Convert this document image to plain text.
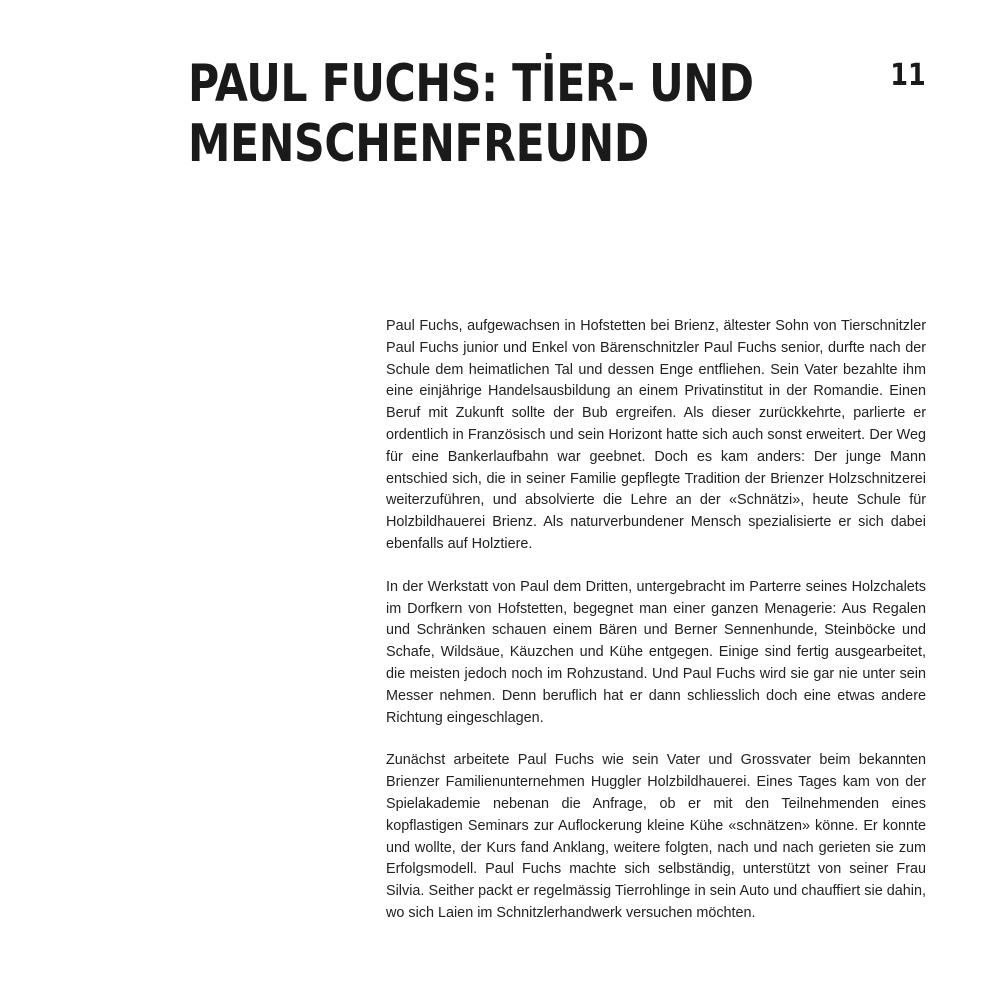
PAUL FUCHS: TİER- UND
MENSCHENFREUND
11

Paul Fuchs, aufgewachsen in Hofstetten bei Brienz, ältester Sohn von Tierschnitzler Paul Fuchs junior und Enkel von Bärenschnitzler Paul Fuchs senior, durfte nach der Schule dem heimatlichen Tal und dessen Enge entfliehen. Sein Vater bezahlte ihm eine einjährige Handelsausbildung an einem Privatinstitut in der Romandie. Einen Beruf mit Zukunft sollte der Bub ergreifen. Als dieser zurückkehrte, parlierte er ordentlich in Französisch und sein Horizont hatte sich auch sonst erweitert. Der Weg für eine Bankerlaufbahn war geebnet. Doch es kam anders: Der junge Mann entschied sich, die in seiner Familie gepflegte Tradition der Brienzer Holzschnitzerei weiterzuführen, und absolvierte die Lehre an der «Schnätzi», heute Schule für Holzbildhauerei Brienz. Als naturverbundener Mensch spezialisierte er sich dabei ebenfalls auf Holztiere.

In der Werkstatt von Paul dem Dritten, untergebracht im Parterre seines Holzchalets im Dorfkern von Hofstetten, begegnet man einer ganzen Menagerie: Aus Regalen und Schränken schauen einem Bären und Berner Sennenhunde, Steinböcke und Schafe, Wildsäue, Käuzchen und Kühe entgegen. Einige sind fertig ausgearbeitet, die meisten jedoch noch im Rohzustand. Und Paul Fuchs wird sie gar nie unter sein Messer nehmen. Denn beruflich hat er dann schliesslich doch eine etwas andere Richtung eingeschlagen.

Zunächst arbeitete Paul Fuchs wie sein Vater und Grossvater beim bekannten Brienzer Familienunternehmen Huggler Holzbildhauerei. Eines Tages kam von der Spielakademie nebenan die Anfrage, ob er mit den Teilnehmenden eines kopflastigen Seminars zur Auflockerung kleine Kühe «schnätzen» könne. Er konnte und wollte, der Kurs fand Anklang, weitere folgten, nach und nach gerieten sie zum Erfolgsmodell. Paul Fuchs machte sich selbständig, unterstützt von seiner Frau Silvia. Seither packt er regelmässig Tierrohlinge in sein Auto und chauffiert sie dahin, wo sich Laien im Schnitzlerhandwerk versuchen möchten.
